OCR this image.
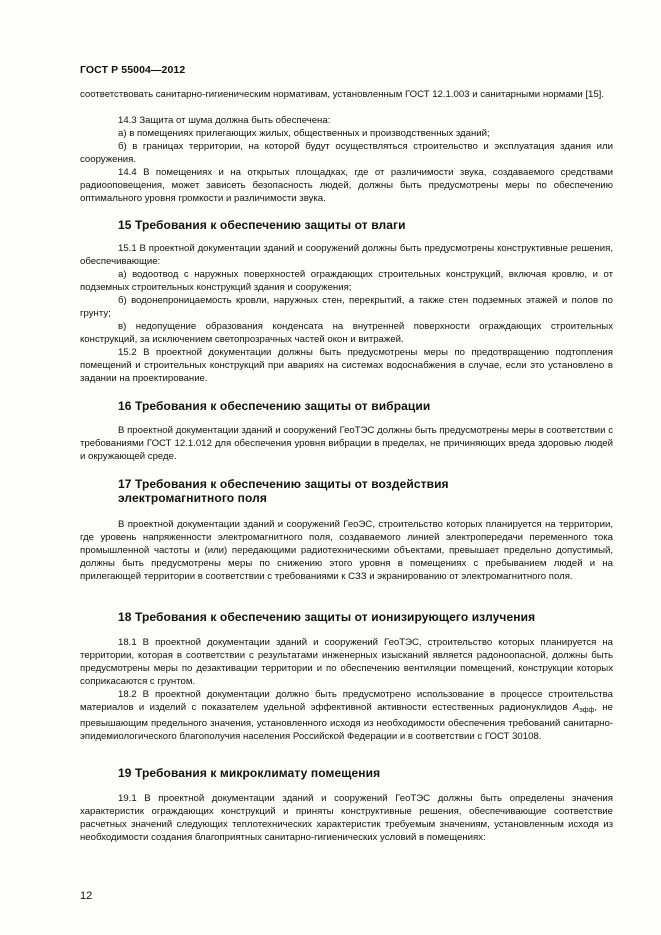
ГОСТ Р 55004—2012
соответствовать санитарно-гигиеническим нормативам, установленным ГОСТ 12.1.003 и санитарными нормами [15].
14.3 Защита от шума должна быть обеспечена:
а) в помещениях прилегающих жилых, общественных и производственных зданий;
б) в границах территории, на которой будут осуществляться строительство и эксплуатация здания или сооружения.
14.4 В помещениях и на открытых площадках, где от различимости звука, создаваемого средствами радиооповещения, может зависеть безопасность людей, должны быть предусмотрены меры по обеспечению оптимального уровня громкости и различимости звука.
15 Требования к обеспечению защиты от влаги
15.1 В проектной документации зданий и сооружений должны быть предусмотрены конструктивные решения, обеспечивающие:
а) водоотвод с наружных поверхностей ограждающих строительных конструкций, включая кровлю, и от подземных строительных конструкций здания и сооружения;
б) водонепроницаемость кровли, наружных стен, перекрытий, а также стен подземных этажей и полов по грунту;
в) недопущение образования конденсата на внутренней поверхности ограждающих строительных конструкций, за исключением светопрозрачных частей окон и витражей.
15.2 В проектной документации должны быть предусмотрены меры по предотвращению подтопления помещений и строительных конструкций при авариях на системах водоснабжения в случае, если это установлено в задании на проектирование.
16 Требования к обеспечению защиты от вибрации
В проектной документации зданий и сооружений ГеоТЭС должны быть предусмотрены меры в соответствии с требованиями ГОСТ 12.1.012 для обеспечения уровня вибрации в пределах, не причиняющих вреда здоровью людей и окружающей среде.
17 Требования к обеспечению защиты от воздействия
электромагнитного поля
В проектной документации зданий и сооружений ГеоЭС, строительство которых планируется на территории, где уровень напряженности электромагнитного поля, создаваемого линией электропередачи переменного тока промышленной частоты и (или) передающими радиотехническими объектами, превышает предельно допустимый, должны быть предусмотрены меры по снижению этого уровня в помещениях с пребыванием людей и на прилегающей территории в соответствии с требованиями к СЗЗ и экранированию от электромагнитного поля.
18 Требования к обеспечению защиты от ионизирующего излучения
18.1 В проектной документации зданий и сооружений ГеоТЭС, строительство которых планируется на территории, которая в соответствии с результатами инженерных изысканий является радоноопасной, должны быть предусмотрены меры по дезактивации территории и по обеспечению вентиляции помещений, конструкции которых соприкасаются с грунтом.
18.2 В проектной документации должно быть предусмотрено использование в процессе строительства материалов и изделий с показателем удельной эффективной активности естественных радионуклидов $A_{эфф}$, не превышающим предельного значения, установленного исходя из необходимости обеспечения требований санитарно-эпидемиологического благополучия населения Российской Федерации и в соответствии с ГОСТ 30108.
19 Требования к микроклимату помещения
19.1 В проектной документации зданий и сооружений ГеоТЭС должны быть определены значения характеристик ограждающих конструкций и приняты конструктивные решения, обеспечивающие соответствие расчетных значений следующих теплотехнических характеристик требуемым значениям, установленным исходя из необходимости создания благоприятных санитарно-гигиенических условий в помещениях:
12
